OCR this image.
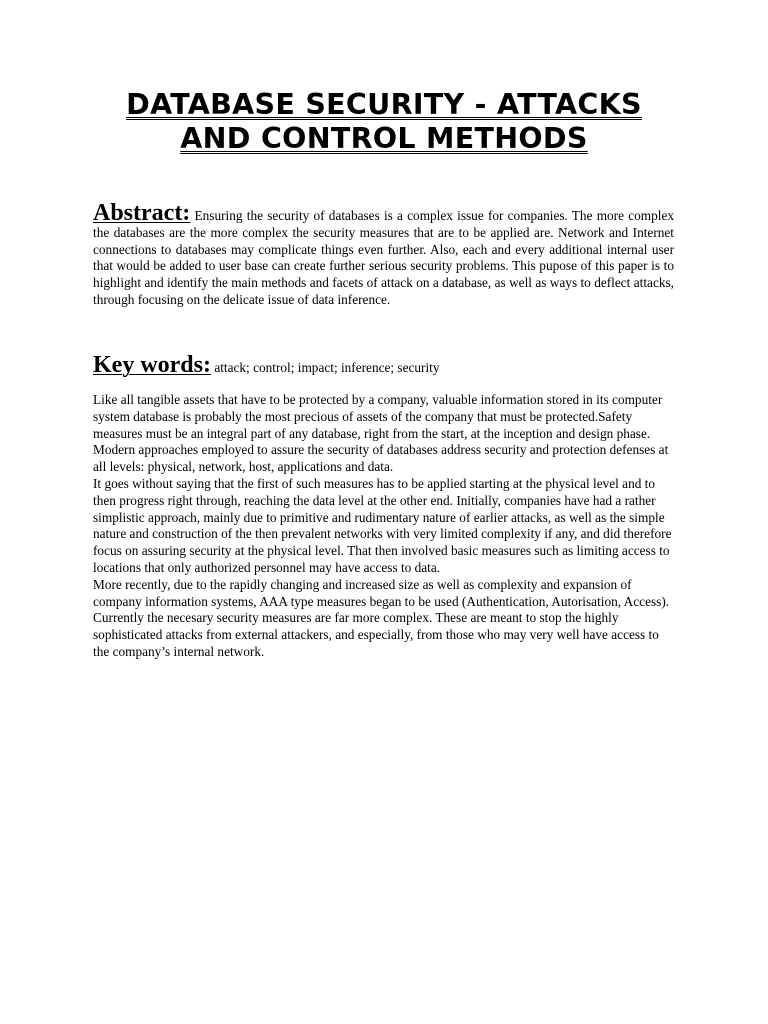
DATABASE SECURITY - ATTACKS
AND CONTROL METHODS

Abstract: Ensuring the security of databases is a complex issue for companies. The more complex the databases are the more complex the security measures that are to be applied are. Network and Internet connections to databases may complicate things even further. Also, each and every additional internal user that would be added to user base can create further serious security problems. This pupose of this paper is to highlight and identify the main methods and facets of attack on a database, as well as ways to deflect attacks, through focusing on the delicate issue of data inference.

Key words: attack; control; impact; inference; security

Like all tangible assets that have to be protected by a company, valuable information stored in its computer system database is probably the most precious of assets of the company that must be protected.Safety measures must be an integral part of any database, right from the start, at the inception and design phase. Modern approaches employed to assure the security of databases address security and protection defenses at all levels: physical, network, host, applications and data.

It goes without saying that the first of such measures has to be applied starting at the physical level and to then progress right through, reaching the data level at the other end. Initially, companies have had a rather simplistic approach, mainly due to primitive and rudimentary nature of earlier attacks, as well as the simple nature and construction of the then prevalent networks with very limited complexity if any, and did therefore focus on assuring security at the physical level. That then involved basic measures such as limiting access to locations that only authorized personnel may have access to data.

More recently, due to the rapidly changing and increased size as well as complexity and expansion of company information systems, AAA type measures began to be used (Authentication, Autorisation, Access).

Currently the necesary security measures are far more complex. These are meant to stop the highly sophisticated attacks from external attackers, and especially, from those who may very well have access to the company’s internal network.
